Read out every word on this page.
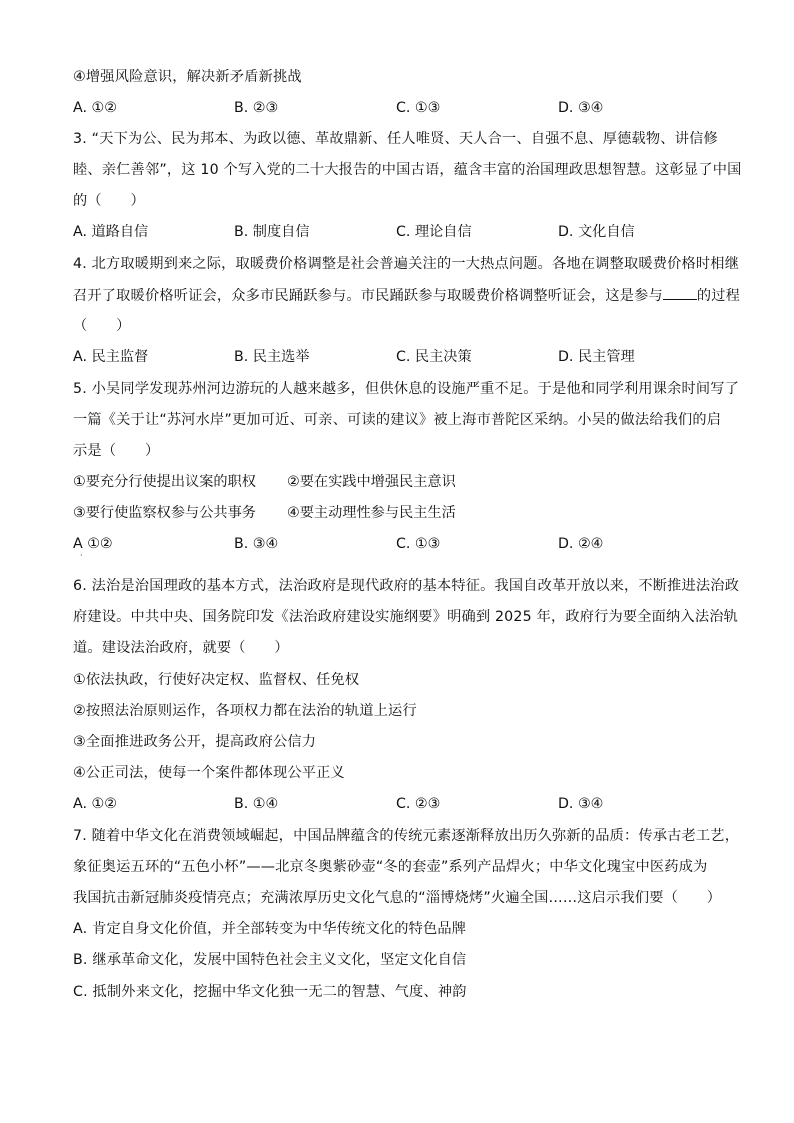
④增强风险意识，解决新矛盾新挑战
A. ①②	B. ②③	C. ①③	D. ③④
3. “天下为公、民为邦本、为政以德、革故鼎新、任人唯贤、天人合一、自强不息、厚德载物、讲信修
睦、亲仁善邻”，这 10 个写入党的二十大报告的中国古语，蕴含丰富的治国理政思想智慧。这彰显了中国
的（　　）
A. 道路自信	B. 制度自信	C. 理论自信	D. 文化自信
4. 北方取暖期到来之际，取暖费价格调整是社会普遍关注的一大热点问题。各地在调整取暖费价格时相继
召开了取暖价格听证会，众多市民踊跃参与。市民踊跃参与取暖费价格调整听证会，这是参与 的过程
（　　）
A. 民主监督	B. 民主选举	C. 民主决策	D. 民主管理
5. 小吴同学发现苏州河边游玩的人越来越多，但供休息的设施严重不足。于是他和同学利用课余时间写了
一篇《关于让“苏河水岸”更加可近、可亲、可读的建议》被上海市普陀区采纳。小吴的做法给我们的启
示是（　　）
①要充分行使提出议案的职权 ②要在实践中增强民主意识
③要行使监察权参与公共事务 ④要主动理性参与民主生活
A ①②	B. ③④	C. ①③	D. ②④
·
6. 法治是治国理政的基本方式，法治政府是现代政府的基本特征。我国自改革开放以来，不断推进法治政
府建设。中共中央、国务院印发《法治政府建设实施纲要》明确到 2025 年，政府行为要全面纳入法治轨
道。建设法治政府，就要（　　）
①依法执政，行使好决定权、监督权、任免权
②按照法治原则运作，各项权力都在法治的轨道上运行
③全面推进政务公开，提高政府公信力
④公正司法，使每一个案件都体现公平正义
A. ①②	B. ①④	C. ②③	D. ③④
7. 随着中华文化在消费领域崛起，中国品牌蕴含的传统元素逐渐释放出历久弥新的品质：传承古老工艺，
象征奥运五环的“五色小杯”——北京冬奥紫砂壶“冬的套壶”系列产品焊火；中华文化瑰宝中医药成为
我国抗击新冠肺炎疫情亮点；充满浓厚历史文化气息的“淄博烧烤”火遍全国……这启示我们要（　　）
A. 肯定自身文化价值，并全部转变为中华传统文化的特色品牌
B. 继承革命文化，发展中国特色社会主义文化，坚定文化自信
C. 抵制外来文化，挖掘中华文化独一无二的智慧、气度、神韵
